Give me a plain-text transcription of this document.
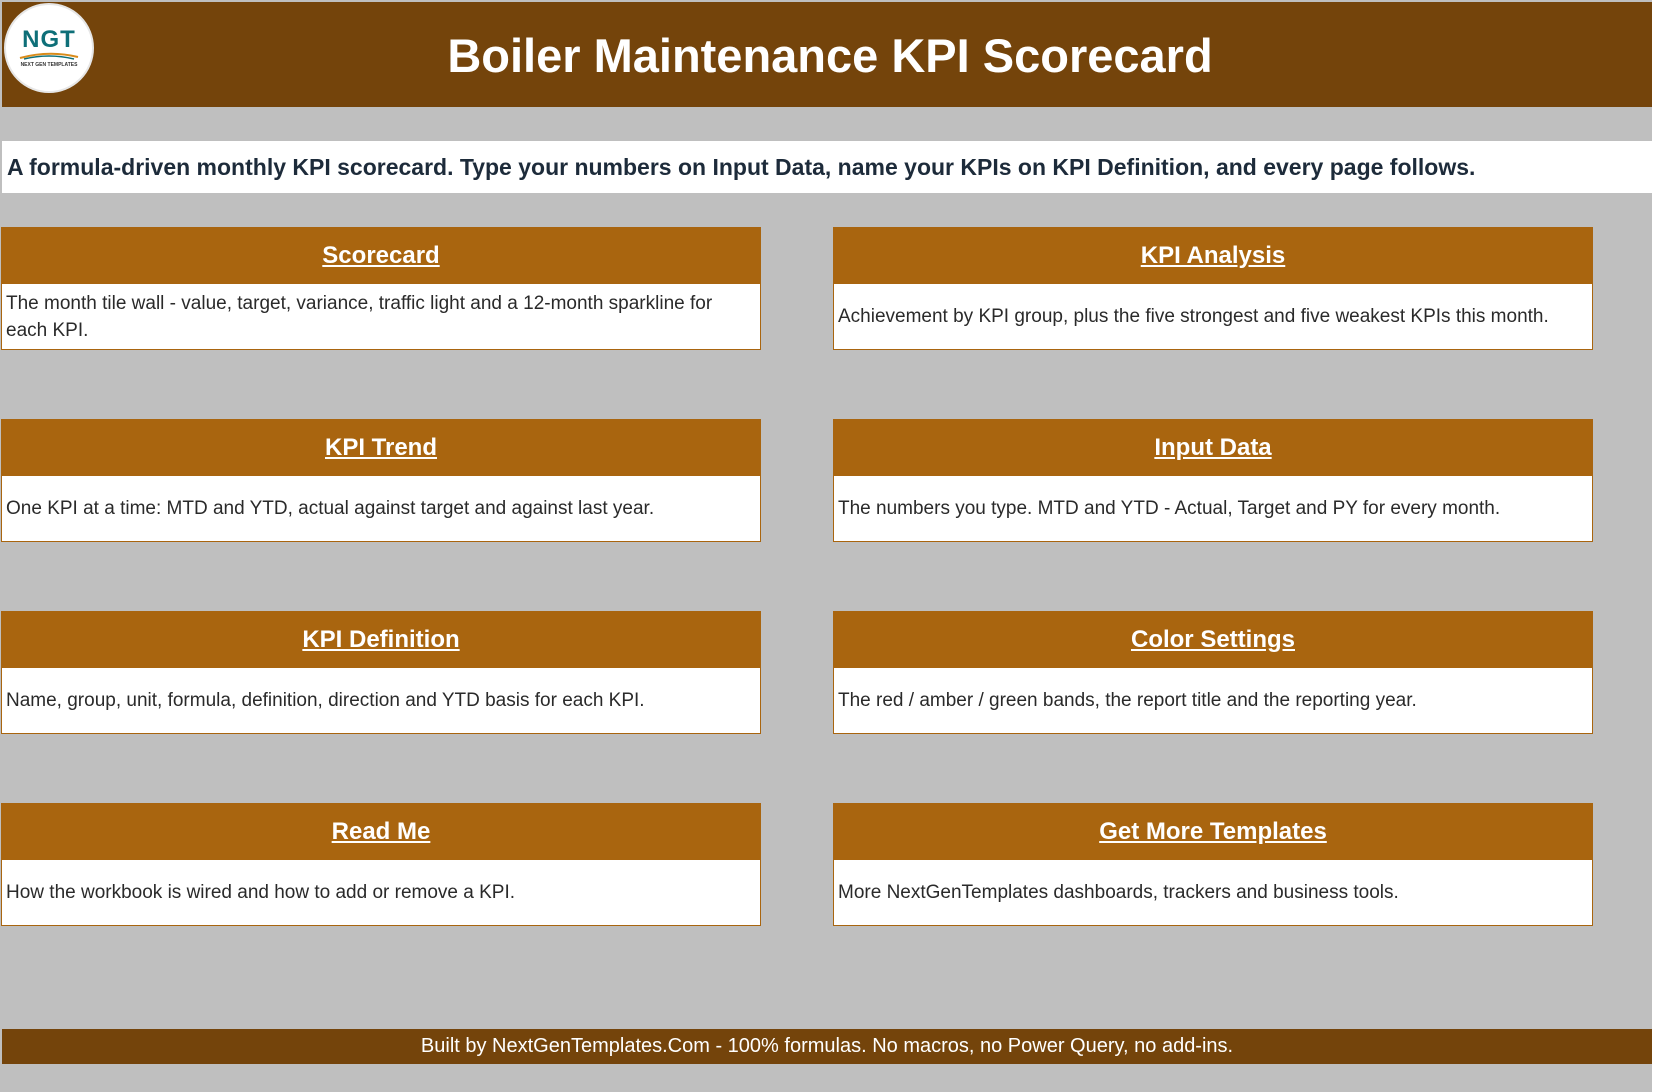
Boiler Maintenance KPI Scorecard
NGT
NEXT GEN TEMPLATES
A formula-driven monthly KPI scorecard. Type your numbers on Input Data, name your KPIs on KPI Definition, and every page follows.
Scorecard
The month tile wall - value, target, variance, traffic light and a 12-month sparkline for each KPI.
KPI Analysis
Achievement by KPI group, plus the five strongest and five weakest KPIs this month.
KPI Trend
One KPI at a time: MTD and YTD, actual against target and against last year.
Input Data
The numbers you type. MTD and YTD - Actual, Target and PY for every month.
KPI Definition
Name, group, unit, formula, definition, direction and YTD basis for each KPI.
Color Settings
The red / amber / green bands, the report title and the reporting year.
Read Me
How the workbook is wired and how to add or remove a KPI.
Get More Templates
More NextGenTemplates dashboards, trackers and business tools.
Built by NextGenTemplates.Com - 100% formulas. No macros, no Power Query, no add-ins.
